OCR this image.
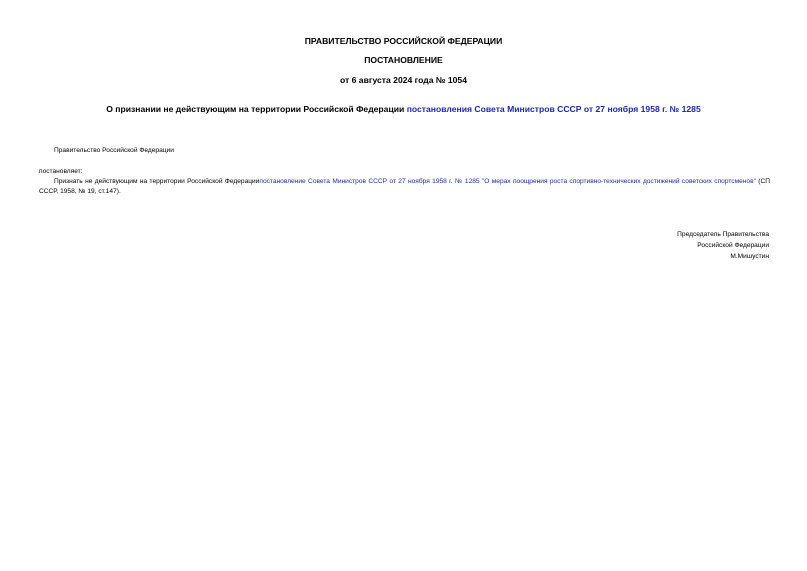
ПРАВИТЕЛЬСТВО РОССИЙСКОЙ ФЕДЕРАЦИИ
ПОСТАНОВЛЕНИЕ
от 6 августа 2024 года № 1054
О признании не действующим на территории Российской Федерации постановления Совета Министров СССР от 27 ноября 1958 г. № 1285
Правительство Российской Федерации
постановляет:
Признать не действующим на территории Российской Федерациипостановление Совета Министров СССР от 27 ноября 1958 г. № 1285 "О мерах поощрения роста спортивно-технических достижений советских спортсменов" (СП СССР, 1958, № 19, ст.147).
Председатель Правительства
Российской Федерации
М.Мишустин
